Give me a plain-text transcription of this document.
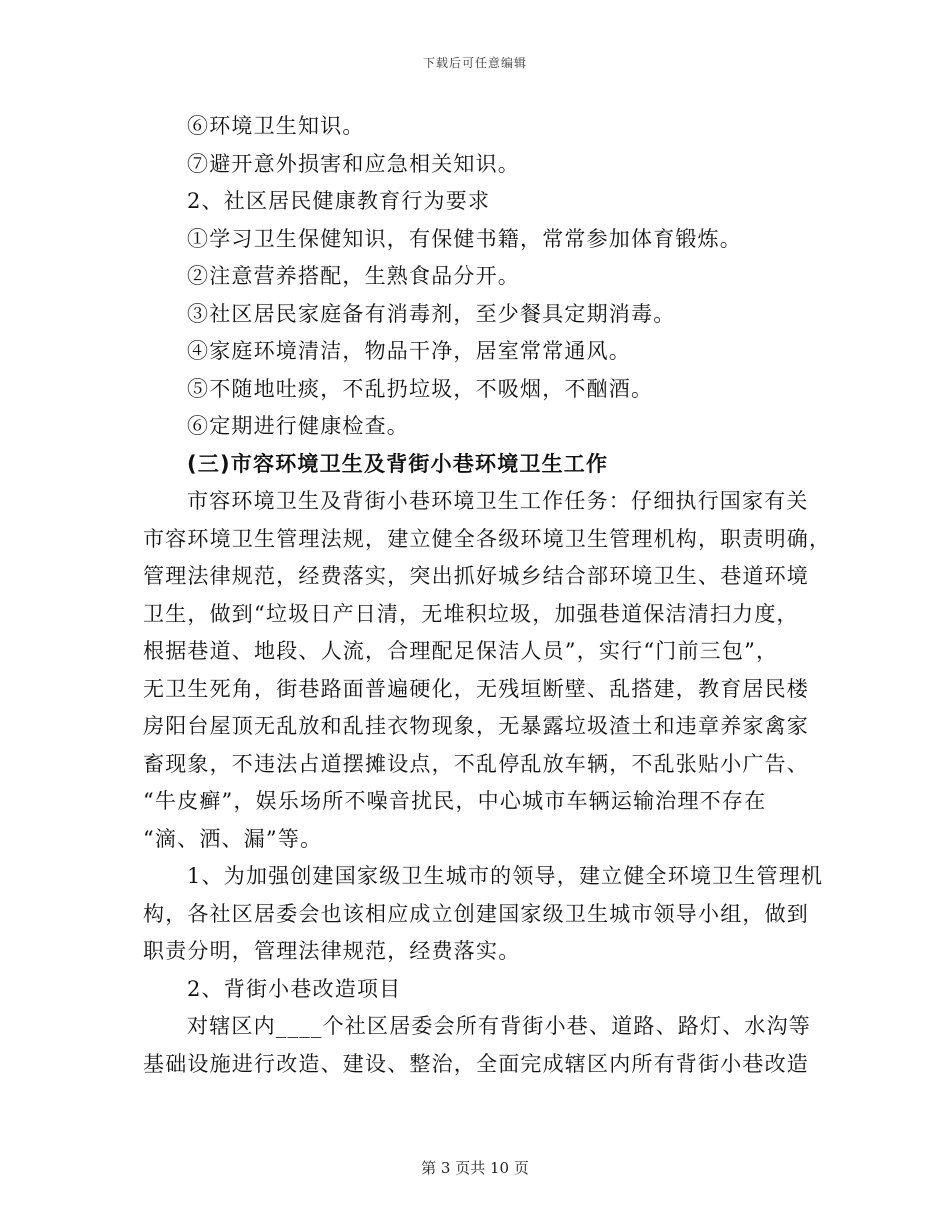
下载后可任意编辑
⑥环境卫生知识。
⑦避开意外损害和应急相关知识。
2、社区居民健康教育行为要求
①学习卫生保健知识，有保健书籍，常常参加体育锻炼。
②注意营养搭配，生熟食品分开。
③社区居民家庭备有消毒剂，至少餐具定期消毒。
④家庭环境清洁，物品干净，居室常常通风。
⑤不随地吐痰，不乱扔垃圾，不吸烟，不酗酒。
⑥定期进行健康检查。
(三)市容环境卫生及背街小巷环境卫生工作
市容环境卫生及背街小巷环境卫生工作任务：仔细执行国家有关
市容环境卫生管理法规，建立健全各级环境卫生管理机构，职责明确，
管理法律规范，经费落实，突出抓好城乡结合部环境卫生、巷道环境
卫生，做到“垃圾日产日清，无堆积垃圾，加强巷道保洁清扫力度，
根据巷道、地段、人流，合理配足保洁人员”，实行“门前三包”，
无卫生死角，街巷路面普遍硬化，无残垣断壁、乱搭建，教育居民楼
房阳台屋顶无乱放和乱挂衣物现象，无暴露垃圾渣土和违章养家禽家
畜现象，不违法占道摆摊设点，不乱停乱放车辆，不乱张贴小广告、
“牛皮癣”，娱乐场所不噪音扰民，中心城市车辆运输治理不存在
“滴、洒、漏”等。
1、为加强创建国家级卫生城市的领导，建立健全环境卫生管理机
构，各社区居委会也该相应成立创建国家级卫生城市领导小组，做到
职责分明，管理法律规范，经费落实。
2、背街小巷改造项目
对辖区内____个社区居委会所有背街小巷、道路、路灯、水沟等
基础设施进行改造、建设、整治，全面完成辖区内所有背街小巷改造
第 3 页共 10 页
